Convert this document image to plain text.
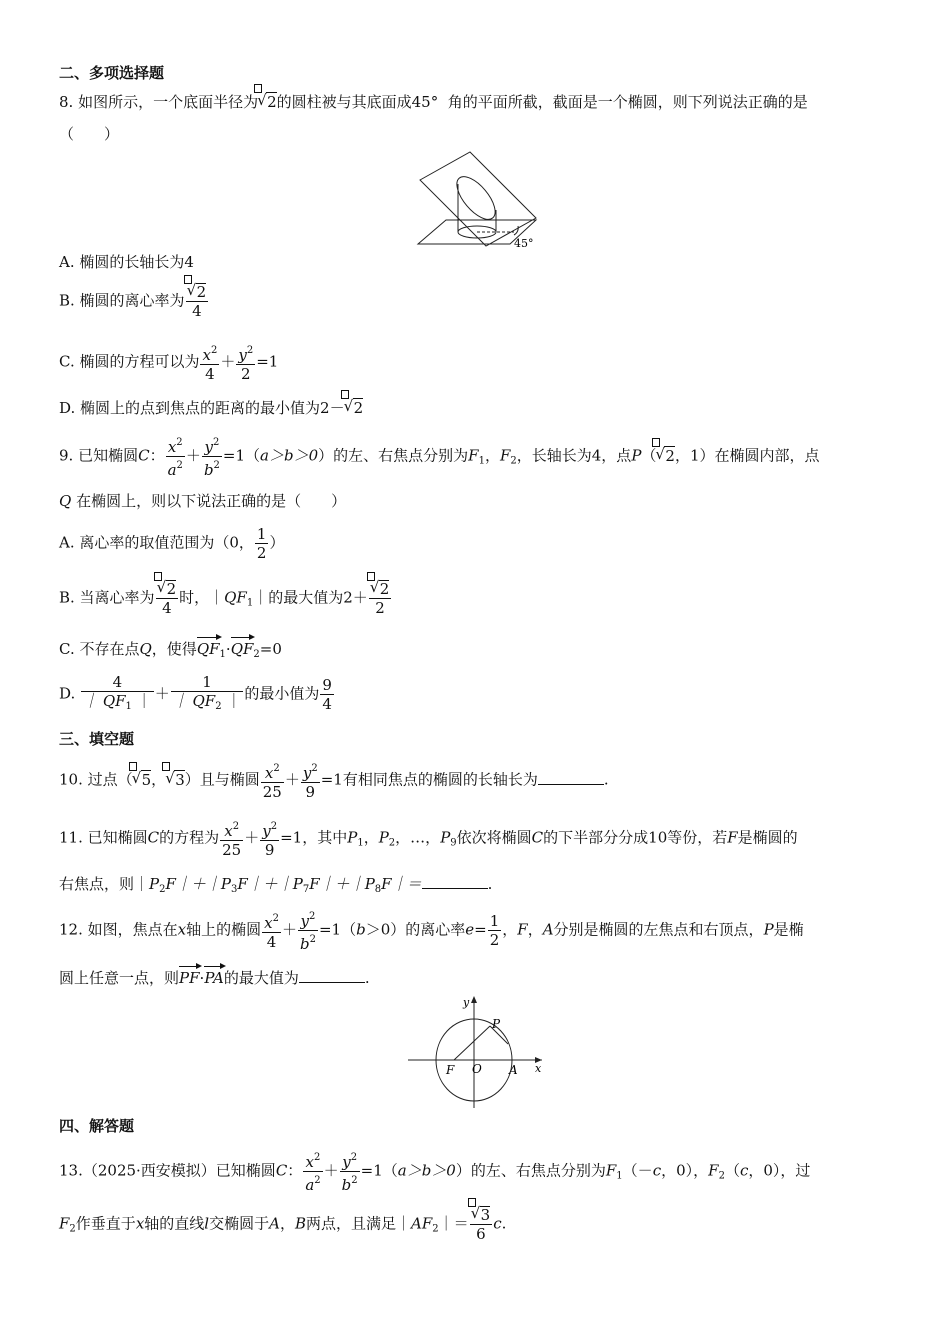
二、多项选择题
8. 如图所示，一个底面半径为 √ 2的圆柱被与其底面成45° 角的平面所截，截面是一个椭圆，则下列说法正确的是
（　　）
45°
A. 椭圆的长轴长为4
B. 椭圆的离心率为 √ $\frac{2}{4}$
C. 椭圆的方程可以为 $\frac{x^2}{4} + \frac{y^2}{2} =1$
D. 椭圆上的点到焦点的距离的最小值为2－ √ 2
9. 已知椭圆C： $\frac{x^2}{a^2} + \frac{y^2}{b^2} =1(a>b>0)$的左、右焦点分别为$F_1$，$F_2$，长轴长为4，点P（ √ 2，1）在椭圆内部，点
Q 在椭圆上，则以下说法正确的是（　　）
A. 离心率的取值范围为（0， $\frac{1}{2}$ ）
B. 当离心率为 √ $\frac{2}{4}$ 时，$|QF_1|$的最大值为2＋ √ $\frac{2}{2}$
C. 不存在点Q，使得$QF_1\cdot QF_2=0$
D. $\frac{4}{| QF_1 |} + \frac{1}{| QF_2 |}$ 的最小值为 $\frac{9}{4}$
三、填空题
10. 过点（ √ 5， √ 3）且与椭圆 $\frac{x^2}{25} + \frac{y^2}{9} =1$有相同焦点的椭圆的长轴长为	.
11. 已知椭圆C的方程为 $\frac{x^2}{25} + \frac{y^2}{9} =1$，其中$P_1$，$P_2$，…，$P_9$依次将椭圆C的下半部分分成10等份，若F是椭圆的
右焦点，则$|P_2F|+|P_3F|+|P_7F|+|P_8F|=$	.
12. 如图，焦点在x轴上的椭圆 $\frac{x^2}{4} + \frac{y^2}{b^2} =1(b>0)$的离心率$e= \frac{1}{2}$ ，F，A分别是椭圆的左焦点和右顶点，P是椭
圆上任意一点，则PF·PA的最大值为	.
y
x
P
F O A
四、解答题
13.（2025·西安模拟）已知椭圆C： $\frac{x^2}{a^2} + \frac{y^2}{b^2} =1(a>b>0)$的左、右焦点分别为$F_1(-c$，0），$F_2(c$，0），过
$F_2$作垂直于x轴的直线l交椭圆于A，B两点，且满足$|AF_2|=$ √ $\frac{3}{6} c$.
